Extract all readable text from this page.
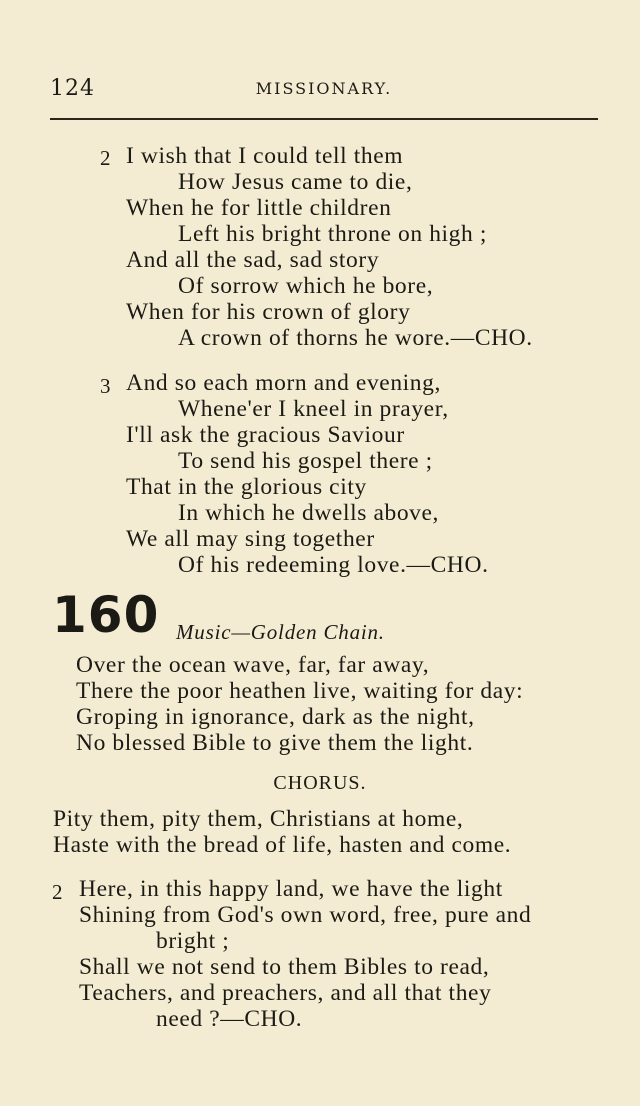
124	MISSIONARY.
2 I wish that I could tell them
How Jesus came to die,
When he for little children
Left his bright throne on high ;
And all the sad, sad story
Of sorrow which he bore,
When for his crown of glory
A crown of thorns he wore.—CHO.
3 And so each morn and evening,
Whene'er I kneel in prayer,
I'll ask the gracious Saviour
To send his gospel there ;
That in the glorious city
In which he dwells above,
We all may sing together
Of his redeeming love.—CHO.
160 Music—Golden Chain.
Over the ocean wave, far, far away,
There the poor heathen live, waiting for day:
Groping in ignorance, dark as the night,
No blessed Bible to give them the light.
CHORUS.
Pity them, pity them, Christians at home,
Haste with the bread of life, hasten and come.
2 Here, in this happy land, we have the light
Shining from God's own word, free, pure and
bright ;
Shall we not send to them Bibles to read,
Teachers, and preachers, and all that they
need ?—CHO.
